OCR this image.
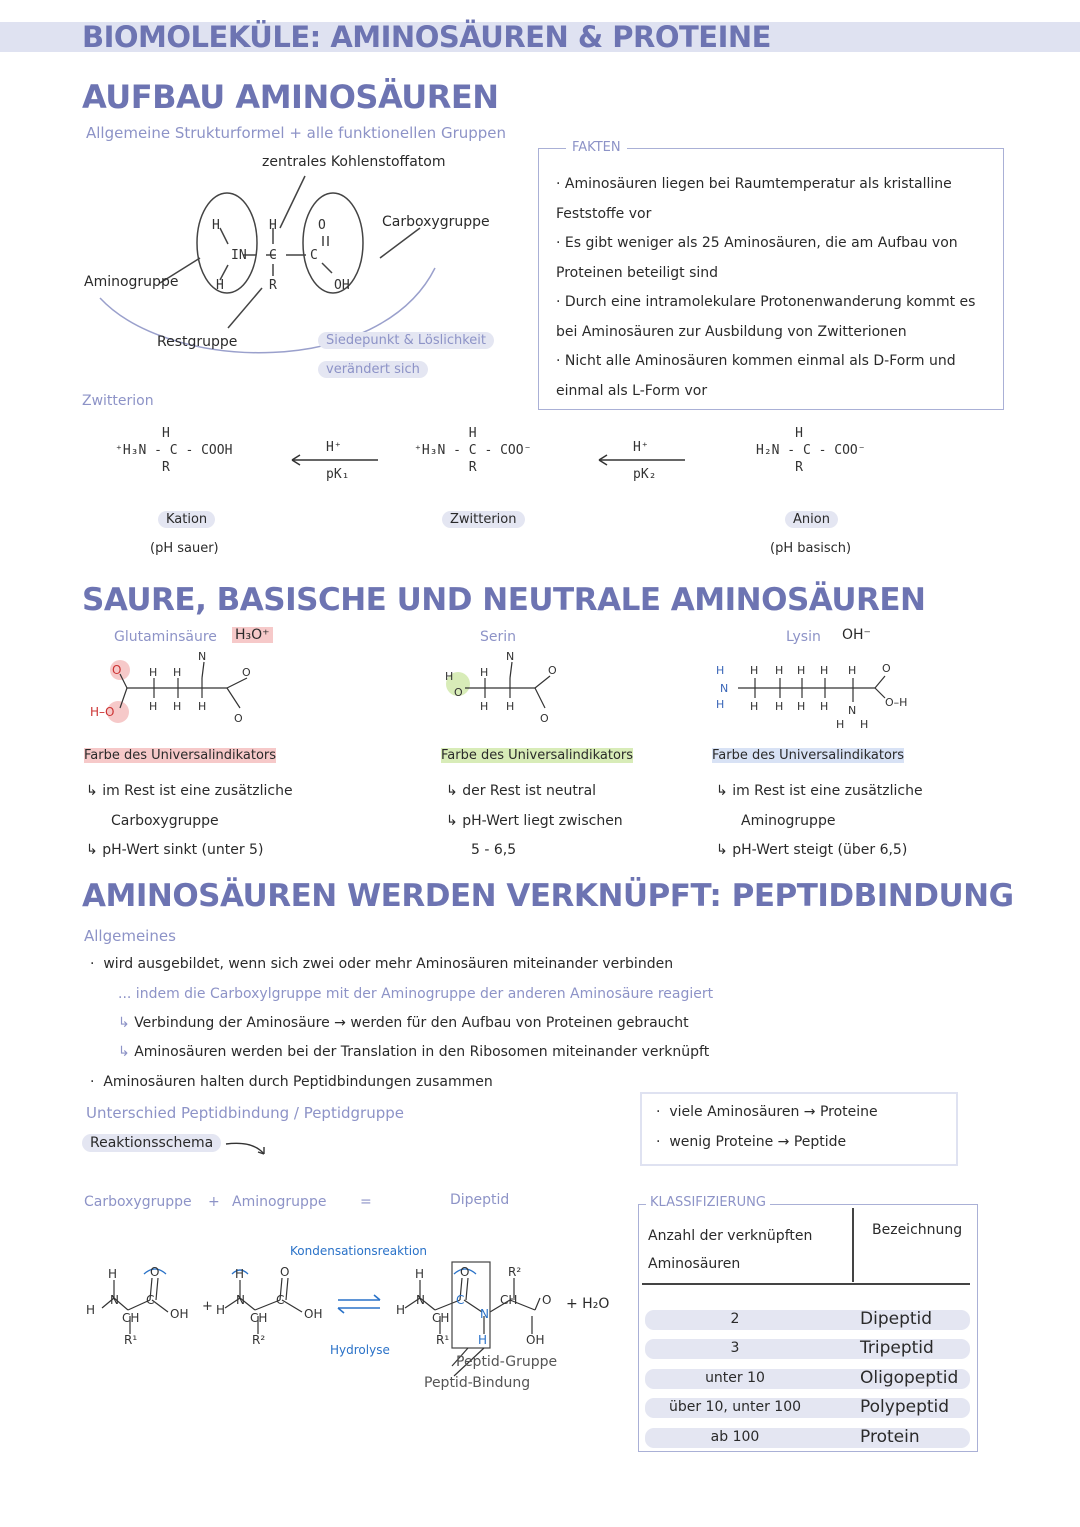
BIOMOLEKÜLE: AMINOSÄUREN & PROTEINE
AUFBAU AMINOSÄUREN
Allgemeine Strukturformel + alle funktionellen Gruppen
H
IN
H
H
C
R
C
O
OH
zentrales Kohlenstoffatom
Carboxygruppe
Aminogruppe
Restgruppe	Siedepunkt & Löslichkeit
verändert sich
FAKTEN
· Aminosäuren liegen bei Raumtemperatur als kristalline Feststoffe vor
· Es gibt weniger als 25 Aminosäuren, die am Aufbau von Proteinen beteiligt sind
· Durch eine intramolekulare Protonenwanderung kommt es bei Aminosäuren zur Ausbildung von Zwitterionen
· Nicht alle Aminosäuren kommen einmal als D-Form und einmal als L-Form vor
Zwitterion
H
⁺H₃N - C - COOH
R
H⁺
pK₁
H
⁺H₃N - C - COO⁻
R
H⁺
pK₂
H
H₂N - C - COO⁻
R
Kation
(pH sauer)
Zwitterion	Anion
(pH basisch)
SAURE, BASISCHE UND NEUTRALE AMINOSÄUREN
Glutaminsäure H₃O⁺
O
H–O
H H
N
H H H
O
O
Farbe des Universalindikators
↳ im Rest ist eine zusätzliche
Carboxygruppe
↳ pH-Wert sinkt (unter 5)
Serin
H
O
H
N
H H
O
O
Farbe des Universalindikators
↳ der Rest ist neutral
↳ pH-Wert liegt zwischen
5 - 6,5
Lysin OH⁻
H
N
H
H H H H H
H H H H N
H H
O
O–H
Farbe des Universalindikators
↳ im Rest ist eine zusätzliche
Aminogruppe
↳ pH-Wert steigt (über 6,5)
AMINOSÄUREN WERDEN VERKNÜPFT: PEPTIDBINDUNG
Allgemeines
·  wird ausgebildet, wenn sich zwei oder mehr Aminosäuren miteinander verbinden
... indem die Carboxylgruppe mit der Aminogruppe der anderen Aminosäure reagiert
↳ Verbindung der Aminosäure → werden für den Aufbau von Proteinen gebraucht
↳ Aminosäuren werden bei der Translation in den Ribosomen miteinander verknüpft
·  Aminosäuren halten durch Peptidbindungen zusammen
Unterschied Peptidbindung / Peptidgruppe
Reaktionsschema
·  viele Aminosäuren → Proteine
·  wenig Proteine → Peptide
Carboxygruppe + Aminogruppe =	Dipeptid
Kondensationsreaktion
H
H
N
CH
O
C
OH
R¹
+ H
H
N
CH
O
C
OH
R²
H
H
N
CH
R¹
O
C
N
H
CH
R²
O
OH
+ H₂O
Hydrolyse
Peptid-Gruppe
Peptid-Bindung
KLASSIFIZIERUNG
Anzahl der verknüpften Aminosäuren
Bezeichnung
2	Dipeptid
3	Tripeptid
unter 10	Oligopeptid
über 10, unter 100	Polypeptid
ab 100	Protein
